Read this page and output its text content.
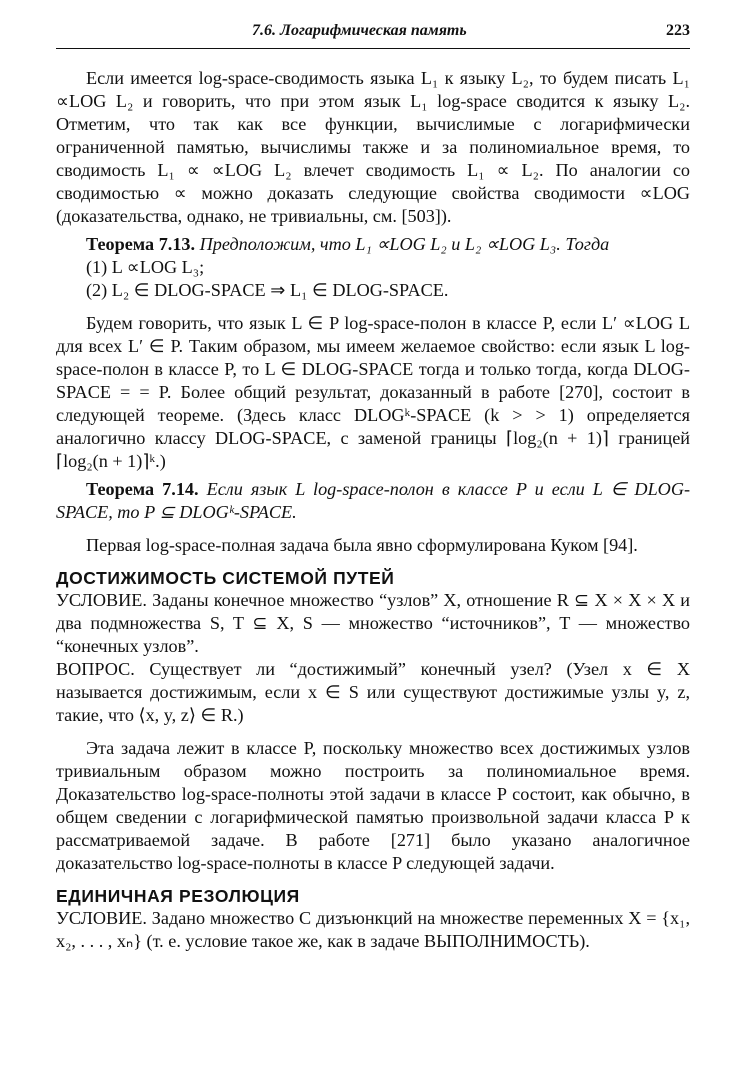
7.6. Логарифмическая память	223

Если имеется log-space-сводимость языка L₁ к языку L₂, то будем писать L₁ ∝LOG L₂ и говорить, что при этом язык L₁ log-space сводится к языку L₂. Отметим, что так как все функции, вычислимые с логарифмически ограниченной памятью, вычислимы также и за полиномиальное время, то сводимость L₁ ∝ ∝LOG L₂ влечет сводимость L₁ ∝ L₂. По аналогии со сводимостью ∝ можно доказать следующие свойства сводимости ∝LOG (доказательства, однако, не тривиальны, см. [503]).

Теорема 7.13. Предположим, что L₁ ∝LOG L₂ и L₂ ∝LOG L₃. Тогда

(1) L ∝LOG L₃;
(2) L₂ ∈ DLOG-SPACE ⇒ L₁ ∈ DLOG-SPACE.

Будем говорить, что язык L ∈ P log-space-полон в классе P, если L′ ∝LOG L для всех L′ ∈ P. Таким образом, мы имеем желаемое свойство: если язык L log-space-полон в классе P, то L ∈ DLOG-SPACE тогда и только тогда, когда DLOG-SPACE = = P. Более общий результат, доказанный в работе [270], состоит в следующей теореме. (Здесь класс DLOGᵏ-SPACE (k > > 1) определяется аналогично классу DLOG-SPACE, с заменой границы ⌈log₂(n + 1)⌉ границей ⌈log₂(n + 1)⌉ᵏ.)

Теорема 7.14. Если язык L log-space-полон в классе P и если L ∈ DLOG-SPACE, то P ⊆ DLOGᵏ-SPACE.

Первая log-space-полная задача была явно сформулирована Куком [94].

ДОСТИЖИМОСТЬ СИСТЕМОЙ ПУТЕЙ

УСЛОВИЕ. Заданы конечное множество “узлов” X, отношение R ⊆ X × X × X и два подмножества S, T ⊆ X, S — множество “источников”, T — множество “конечных узлов”.

ВОПРОС. Существует ли “достижимый” конечный узел? (Узел x ∈ X называется достижимым, если x ∈ S или существуют достижимые узлы y, z, такие, что ⟨x, y, z⟩ ∈ R.)

Эта задача лежит в классе P, поскольку множество всех достижимых узлов тривиальным образом можно построить за полиномиальное время. Доказательство log-space-полноты этой задачи в классе P состоит, как обычно, в общем сведении с логарифмической памятью произвольной задачи класса P к рассматриваемой задаче. В работе [271] было указано аналогичное доказательство log-space-полноты в классе P следующей задачи.

ЕДИНИЧНАЯ РЕЗОЛЮЦИЯ

УСЛОВИЕ. Задано множество C дизъюнкций на множестве переменных X = {x₁, x₂, . . . , xₙ} (т. е. условие такое же, как в задаче ВЫПОЛНИМОСТЬ).
